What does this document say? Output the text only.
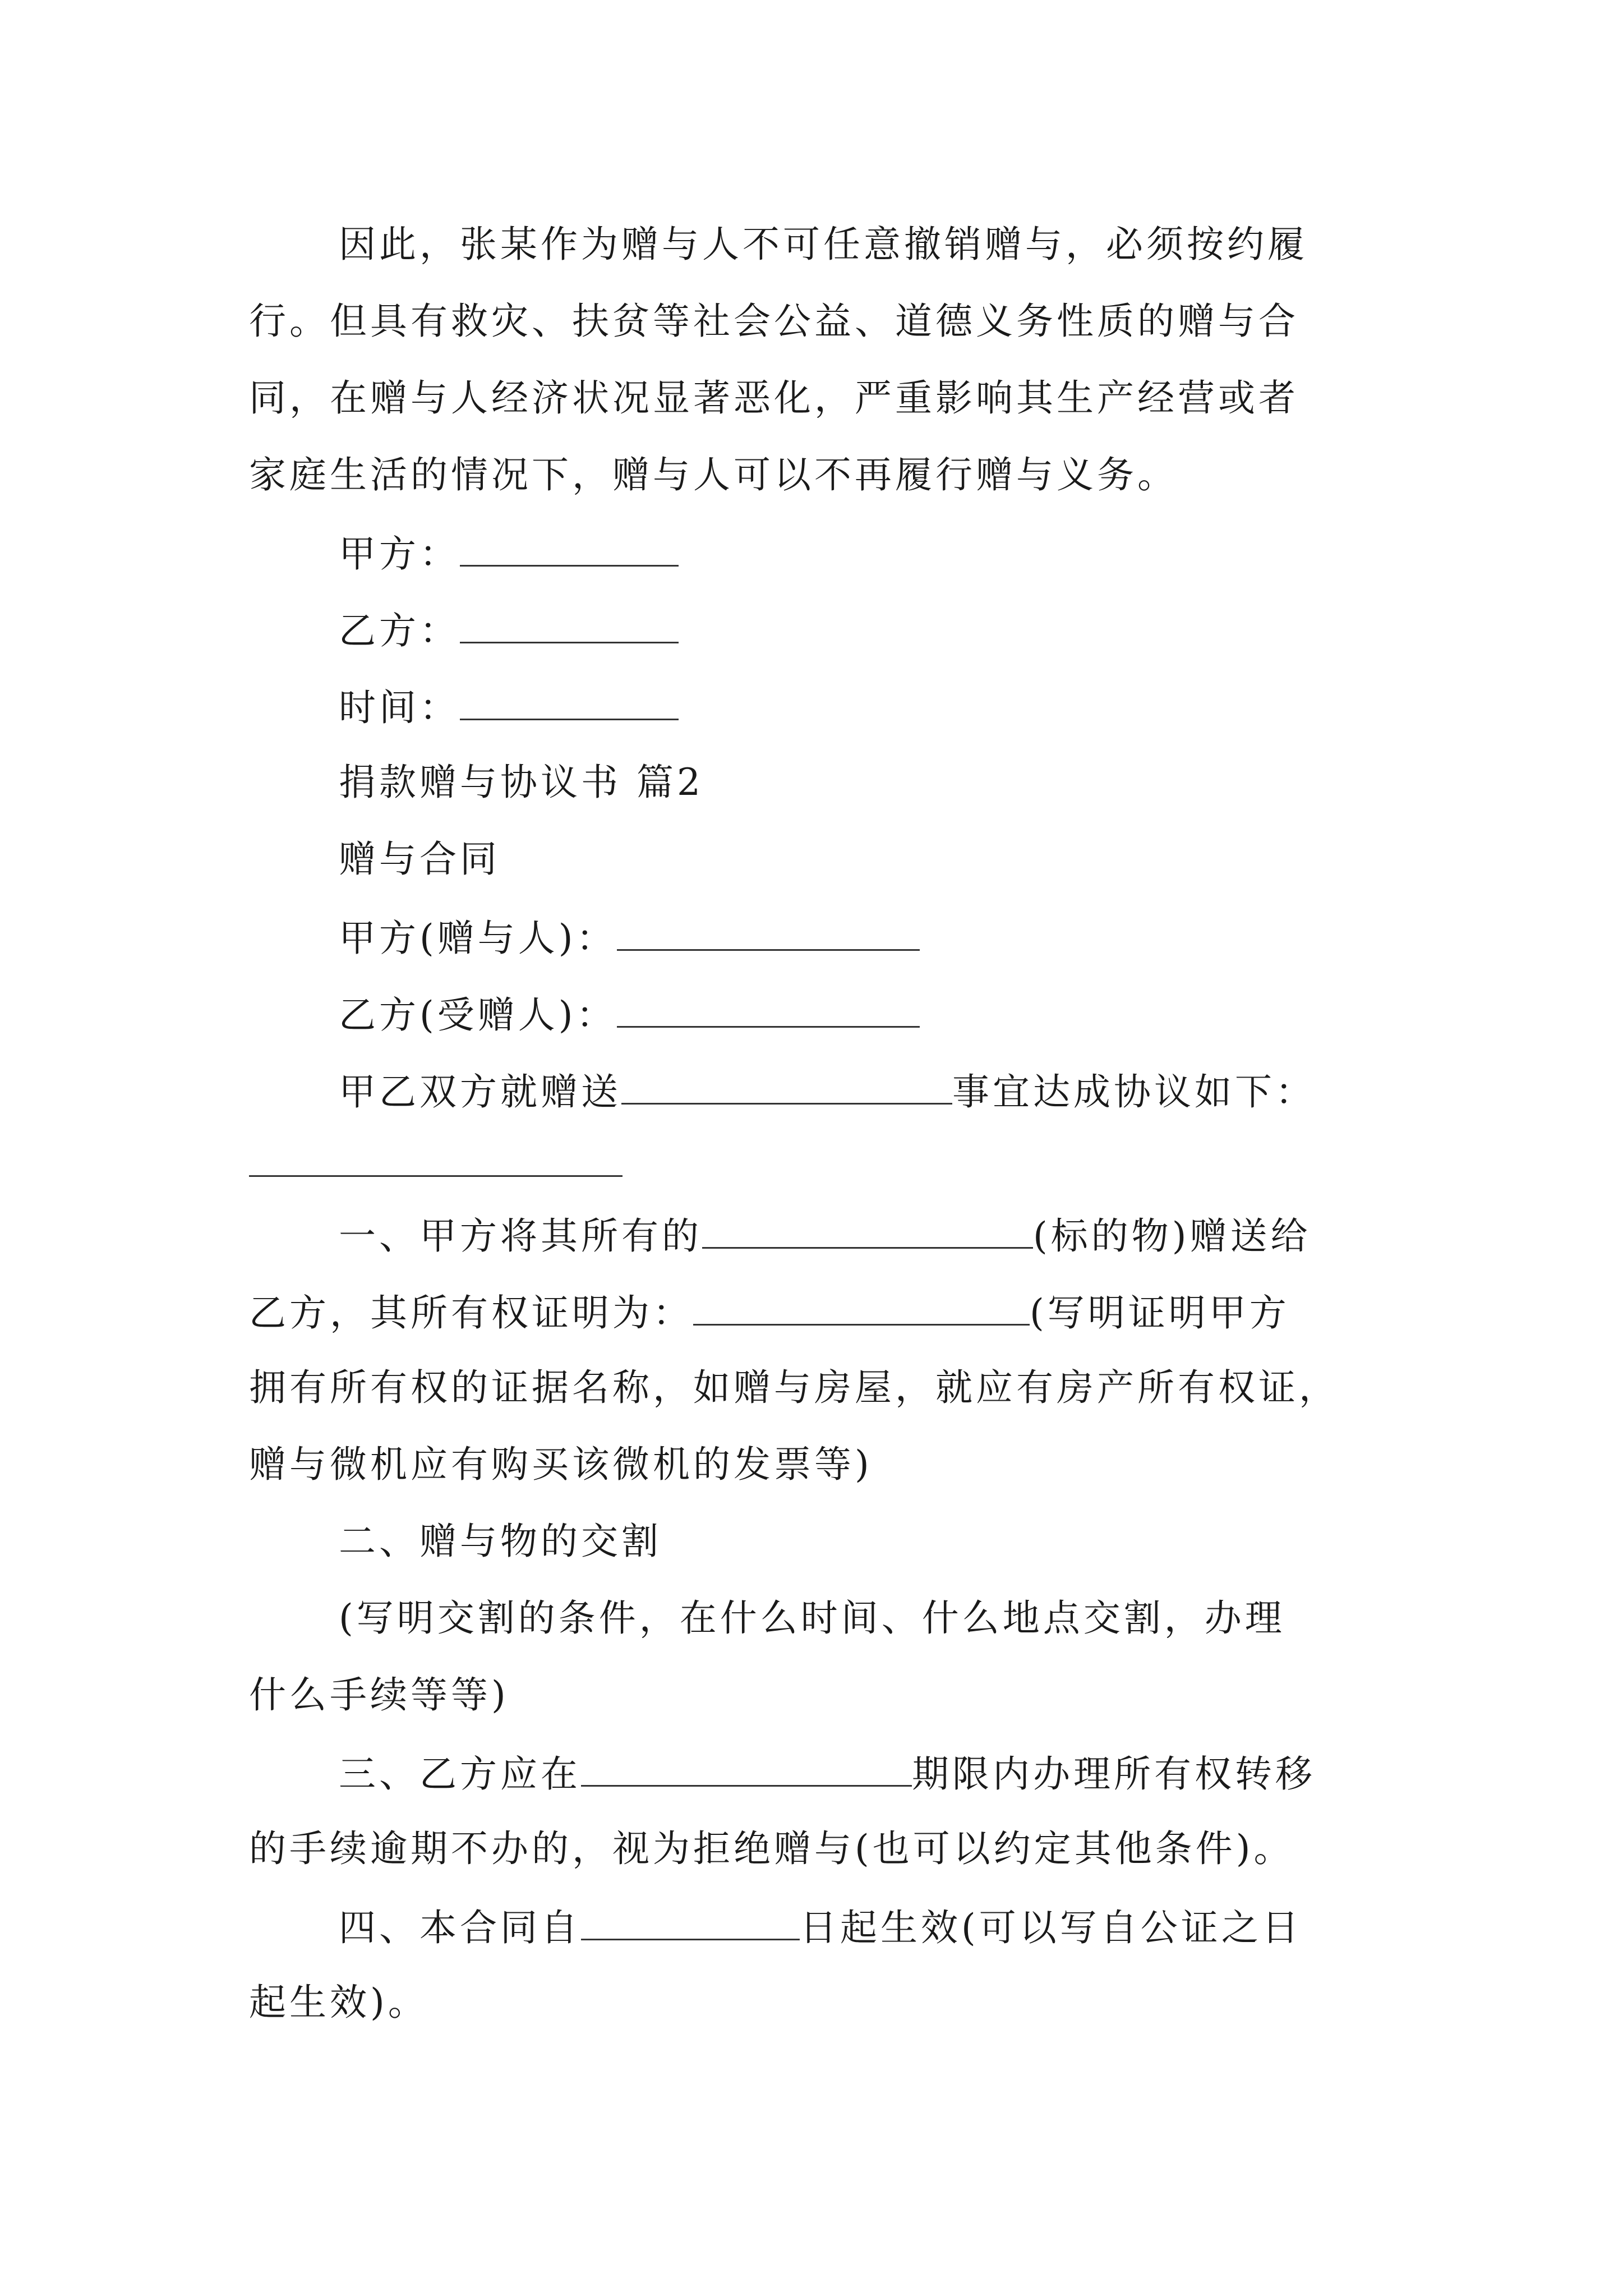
因此，张某作为赠与人不可任意撤销赠与，必须按约履
行。但具有救灾、扶贫等社会公益、道德义务性质的赠与合
同，在赠与人经济状况显著恶化，严重影响其生产经营或者
家庭生活的情况下，赠与人可以不再履行赠与义务。
甲方：
乙方：
时间：
捐款赠与协议书 篇2
赠与合同
甲方(赠与人)：
乙方(受赠人)：
甲乙双方就赠送	事宜达成协议如下：
一、甲方将其所有的	(标的物)赠送给
乙方，其所有权证明为：	(写明证明甲方
拥有所有权的证据名称，如赠与房屋，就应有房产所有权证，
赠与微机应有购买该微机的发票等)
二、赠与物的交割
(写明交割的条件，在什么时间、什么地点交割，办理
什么手续等等)
三、乙方应在	期限内办理所有权转移
的手续逾期不办的，视为拒绝赠与(也可以约定其他条件)。
四、本合同自	日起生效(可以写自公证之日
起生效)。
